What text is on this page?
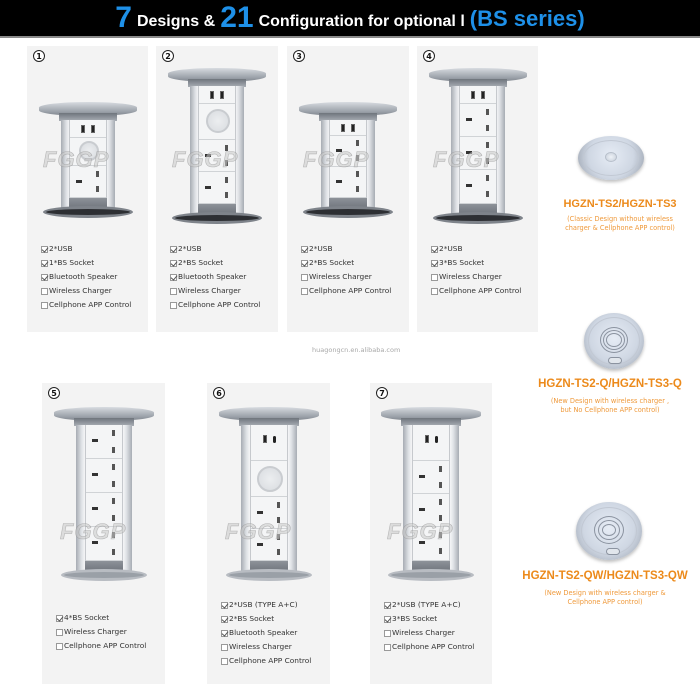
7 Designs & 21 Configuration for optional l (BS series)
1
FGGP
2*USB
1*BS Socket
Bluetooth Speaker
Wireless Charger
Cellphone APP Control
2
FGGP
2*USB
2*BS Socket
Bluetooth Speaker
Wireless Charger
Cellphone APP Control
3
FGGP
2*USB
2*BS Socket
Wireless Charger
Cellphone APP Control
4
FGGP
2*USB
3*BS Socket
Wireless Charger
Cellphone APP Control
huagongcn.en.alibaba.com
5
FGGP
4*BS Socket
Wireless Charger
Cellphone APP Control
6
FGGP
2*USB (TYPE A+C)
2*BS Socket
Bluetooth Speaker
Wireless Charger
Cellphone APP Control
7
FGGP
2*USB (TYPE A+C)
3*BS Socket
Wireless Charger
Cellphone APP Control
HGZN-TS2/HGZN-TS3
(Classic Design without wireless
charger & Cellphone APP control)
HGZN-TS2-Q/HGZN-TS3-Q
(New Design with wireless charger ,
but No Cellphone APP control)
HGZN-TS2-QW/HGZN-TS3-QW
(New Design with wireless charger &
Cellphone APP control)
